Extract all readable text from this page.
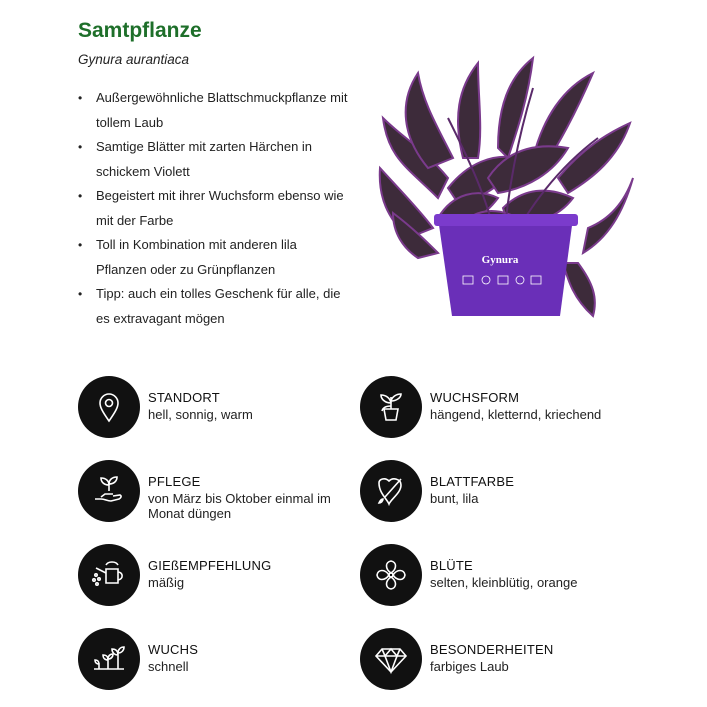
Samtpflanze
Gynura aurantiaca
• Außergewöhnliche Blattschmuckpflanze mit tollem Laub
• Samtige Blätter mit zarten Härchen in schickem Violett
• Begeistert mit ihrer Wuchsform ebenso wie mit der Farbe
• Toll in Kombination mit anderen lila Pflanzen oder zu Grünpflanzen
• Tipp: auch ein tolles Geschenk für alle, die es extravagant mögen
Gynura
STANDORT
hell, sonnig, warm
WUCHSFORM
hängend, kletternd, kriechend
PFLEGE
von März bis Oktober einmal im Monat düngen
BLATTFARBE
bunt, lila
GIEßEMPFEHLUNG
mäßig
BLÜTE
selten, kleinblütig, orange
WUCHS
schnell
BESONDERHEITEN
farbiges Laub
